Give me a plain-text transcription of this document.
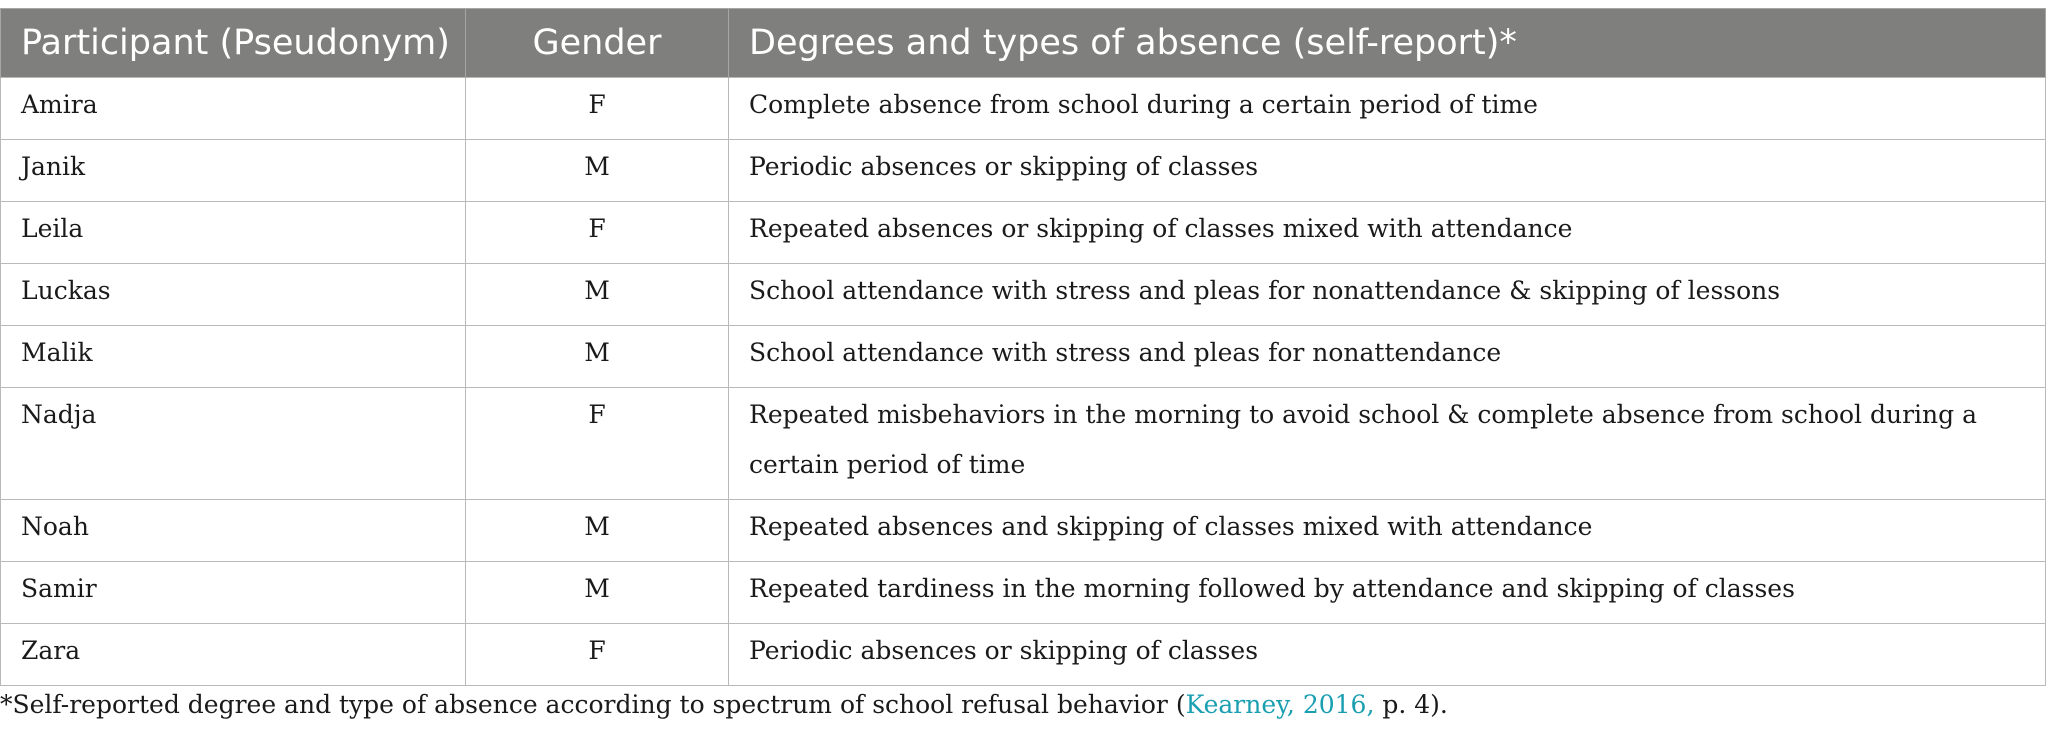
Participant (Pseudonym)	Gender	Degrees and types of absence (self-report)*

Amira	F	Complete absence from school during a certain period of time

Janik	M	Periodic absences or skipping of classes

Leila	F	Repeated absences or skipping of classes mixed with attendance

Luckas	M	School attendance with stress and pleas for nonattendance & skipping of lessons

Malik	M	School attendance with stress and pleas for nonattendance

Nadja	F	Repeated misbehaviors in the morning to avoid school & complete absence from school during a certain period of time

Noah	M	Repeated absences and skipping of classes mixed with attendance

Samir	M	Repeated tardiness in the morning followed by attendance and skipping of classes

Zara	F	Periodic absences or skipping of classes
*Self-reported degree and type of absence according to spectrum of school refusal behavior (Kearney, 2016, p. 4).
